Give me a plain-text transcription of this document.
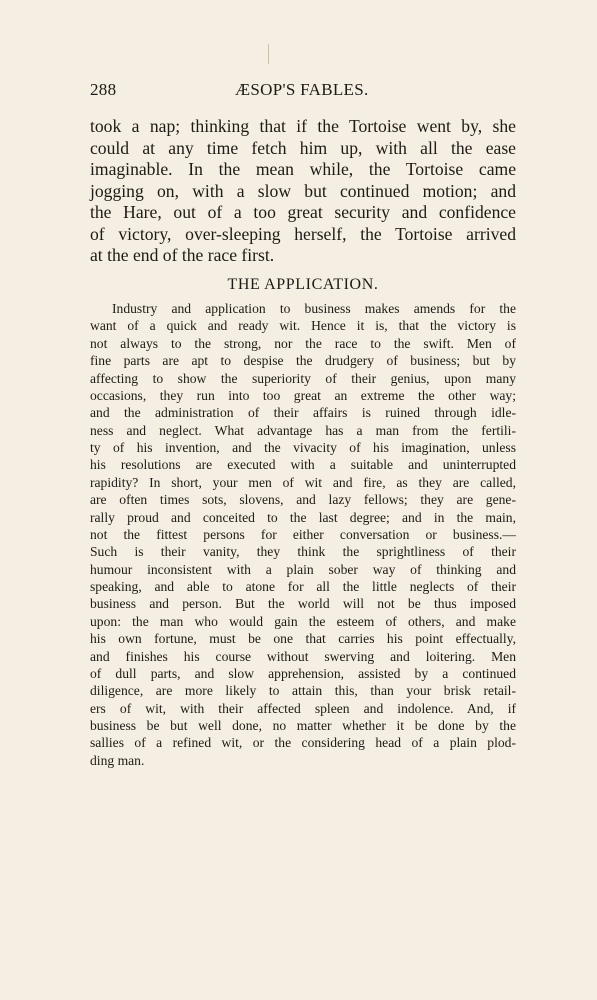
288	ÆSOP'S FABLES.
took a nap; thinking that if the Tortoise went by, she
could at any time fetch him up, with all the ease
imaginable. In the mean while, the Tortoise came
jogging on, with a slow but continued motion; and
the Hare, out of a too great security and confidence
of victory, over-sleeping herself, the Tortoise arrived
at the end of the race first.
THE APPLICATION.
Industry and application to business makes amends for the
want of a quick and ready wit. Hence it is, that the victory is
not always to the strong, nor the race to the swift. Men of
fine parts are apt to despise the drudgery of business; but by
affecting to show the superiority of their genius, upon many
occasions, they run into too great an extreme the other way;
and the administration of their affairs is ruined through idle-
ness and neglect. What advantage has a man from the fertili-
ty of his invention, and the vivacity of his imagination, unless
his resolutions are executed with a suitable and uninterrupted
rapidity? In short, your men of wit and fire, as they are called,
are often times sots, slovens, and lazy fellows; they are gene-
rally proud and conceited to the last degree; and in the main,
not the fittest persons for either conversation or business.—
Such is their vanity, they think the sprightliness of their
humour inconsistent with a plain sober way of thinking and
speaking, and able to atone for all the little neglects of their
business and person. But the world will not be thus imposed
upon: the man who would gain the esteem of others, and make
his own fortune, must be one that carries his point effectually,
and finishes his course without swerving and loitering. Men
of dull parts, and slow apprehension, assisted by a continued
diligence, are more likely to attain this, than your brisk retail-
ers of wit, with their affected spleen and indolence. And, if
business be but well done, no matter whether it be done by the
sallies of a refined wit, or the considering head of a plain plod-
ding man.
